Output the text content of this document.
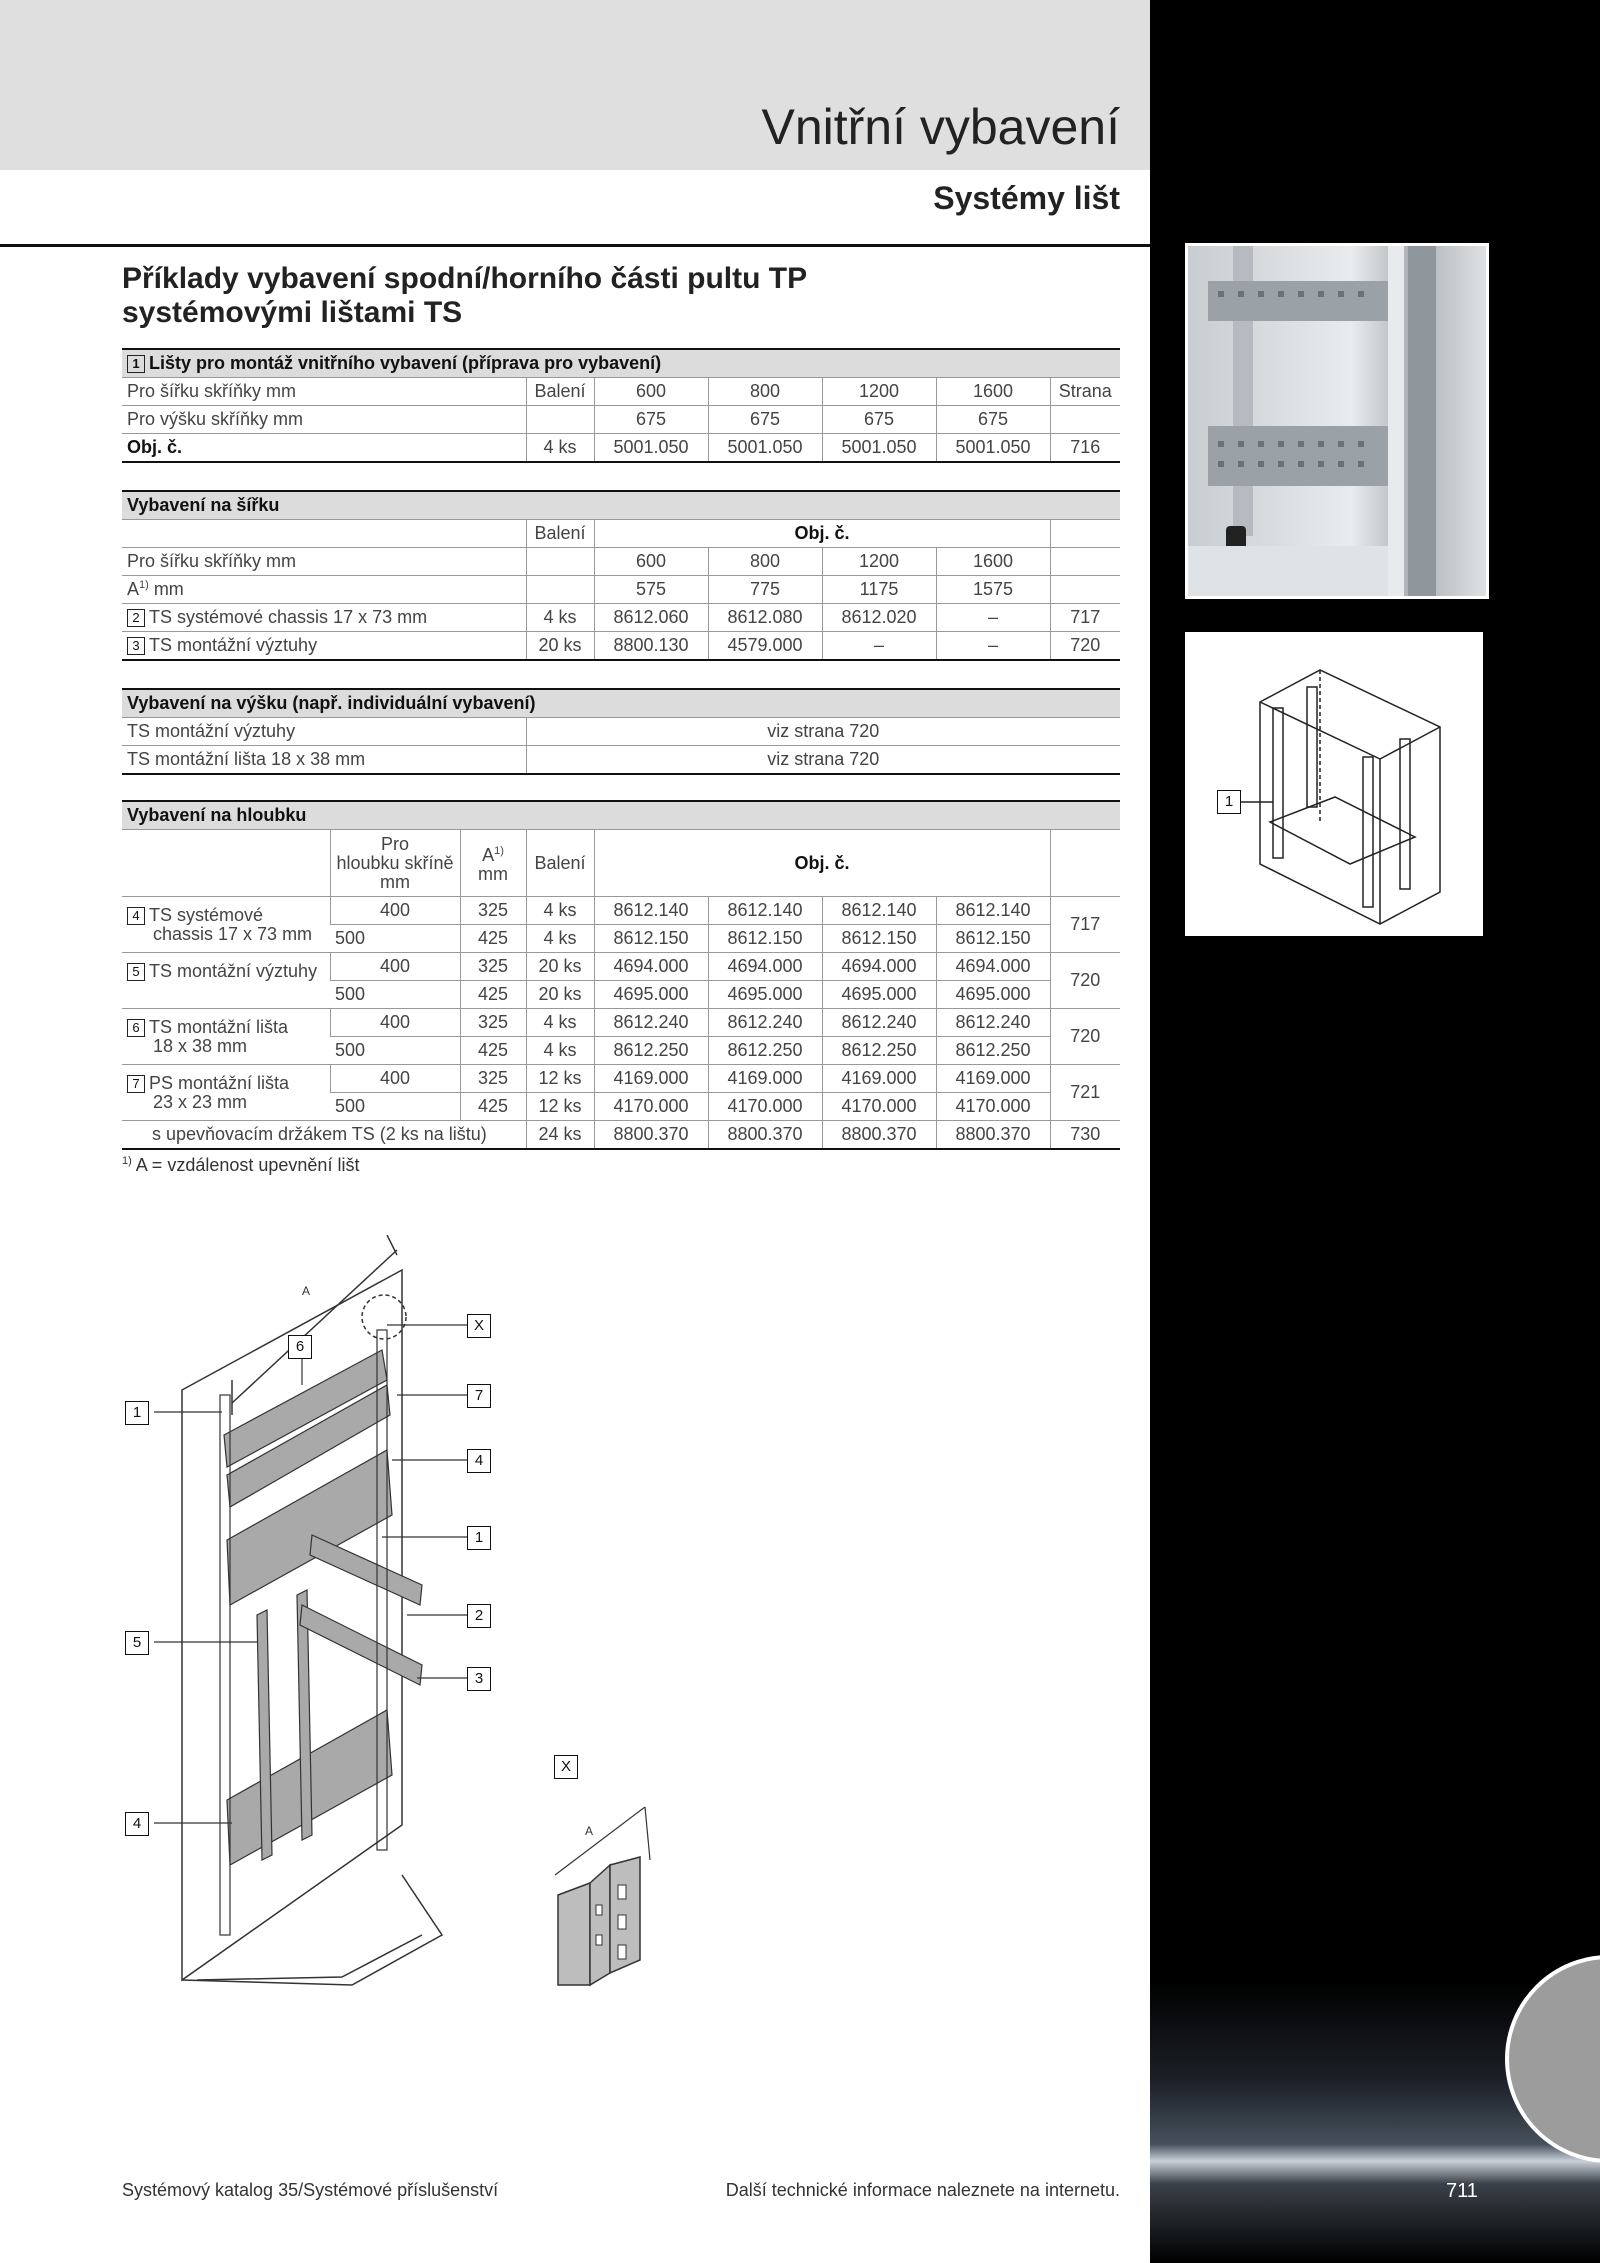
Vnitřní vybavení
Systémy lišt
Příklady vybavení spodní/horního části pultu TP systémovými lištami TS
1 Lišty pro montáž vnitřního vybavení (příprava pro vybavení)						
Pro šířku skříňky mm	Balení	600	800	1200	1600	Strana
Pro výšku skříňky mm		675	675	675	675	
Obj. č.	4 ks	5001.050	5001.050	5001.050	5001.050	716
Vybavení na šířku						
	Balení	Obj. č.				
Pro šířku skříňky mm		600	800	1200	1600	
$A^{1)}$ mm		575	775	1175	1575	
2 TS systémové chassis 17 x 73 mm	4 ks	8612.060	8612.080	8612.020	–	717
3 TS montážní výztuhy	20 ks	8800.130	4579.000	–	–	720
Vybavení na výšku (např. individuální vybavení)	
TS montážní výztuhy	viz strana 720
TS montážní lišta 18 x 38 mm	viz strana 720
Vybavení na hloubku								
	Pro
hloubku skříně
mm	$A^{1)}$
mm	Balení	Obj. č.				
4 TS systémové
chassis 17 x 73 mm	400	325	4 ks	8612.140	8612.140	8612.140	8612.140	717
	500	425	4 ks	8612.150	8612.150	8612.150	8612.150	
5 TS montážní výztuhy	400	325	20 ks	4694.000	4694.000	4694.000	4694.000	720
	500	425	20 ks	4695.000	4695.000	4695.000	4695.000	
6 TS montážní lišta
18 x 38 mm	400	325	4 ks	8612.240	8612.240	8612.240	8612.240	720
	500	425	4 ks	8612.250	8612.250	8612.250	8612.250	
7 PS montážní lišta
23 x 23 mm	400	325	12 ks	4169.000	4169.000	4169.000	4169.000	721
	500	425	12 ks	4170.000	4170.000	4170.000	4170.000	
s upevňovacím držákem TS (2 ks na lištu)			24 ks	8800.370	8800.370	8800.370	8800.370	730
$^{1)}$ A = vzdálenost upevnění lišt
1
A
X
6
7
1
4
1
2
5
3
4
X
A
Systémový katalog 35/Systémové příslušenství	Další technické informace naleznete na internetu.	711
